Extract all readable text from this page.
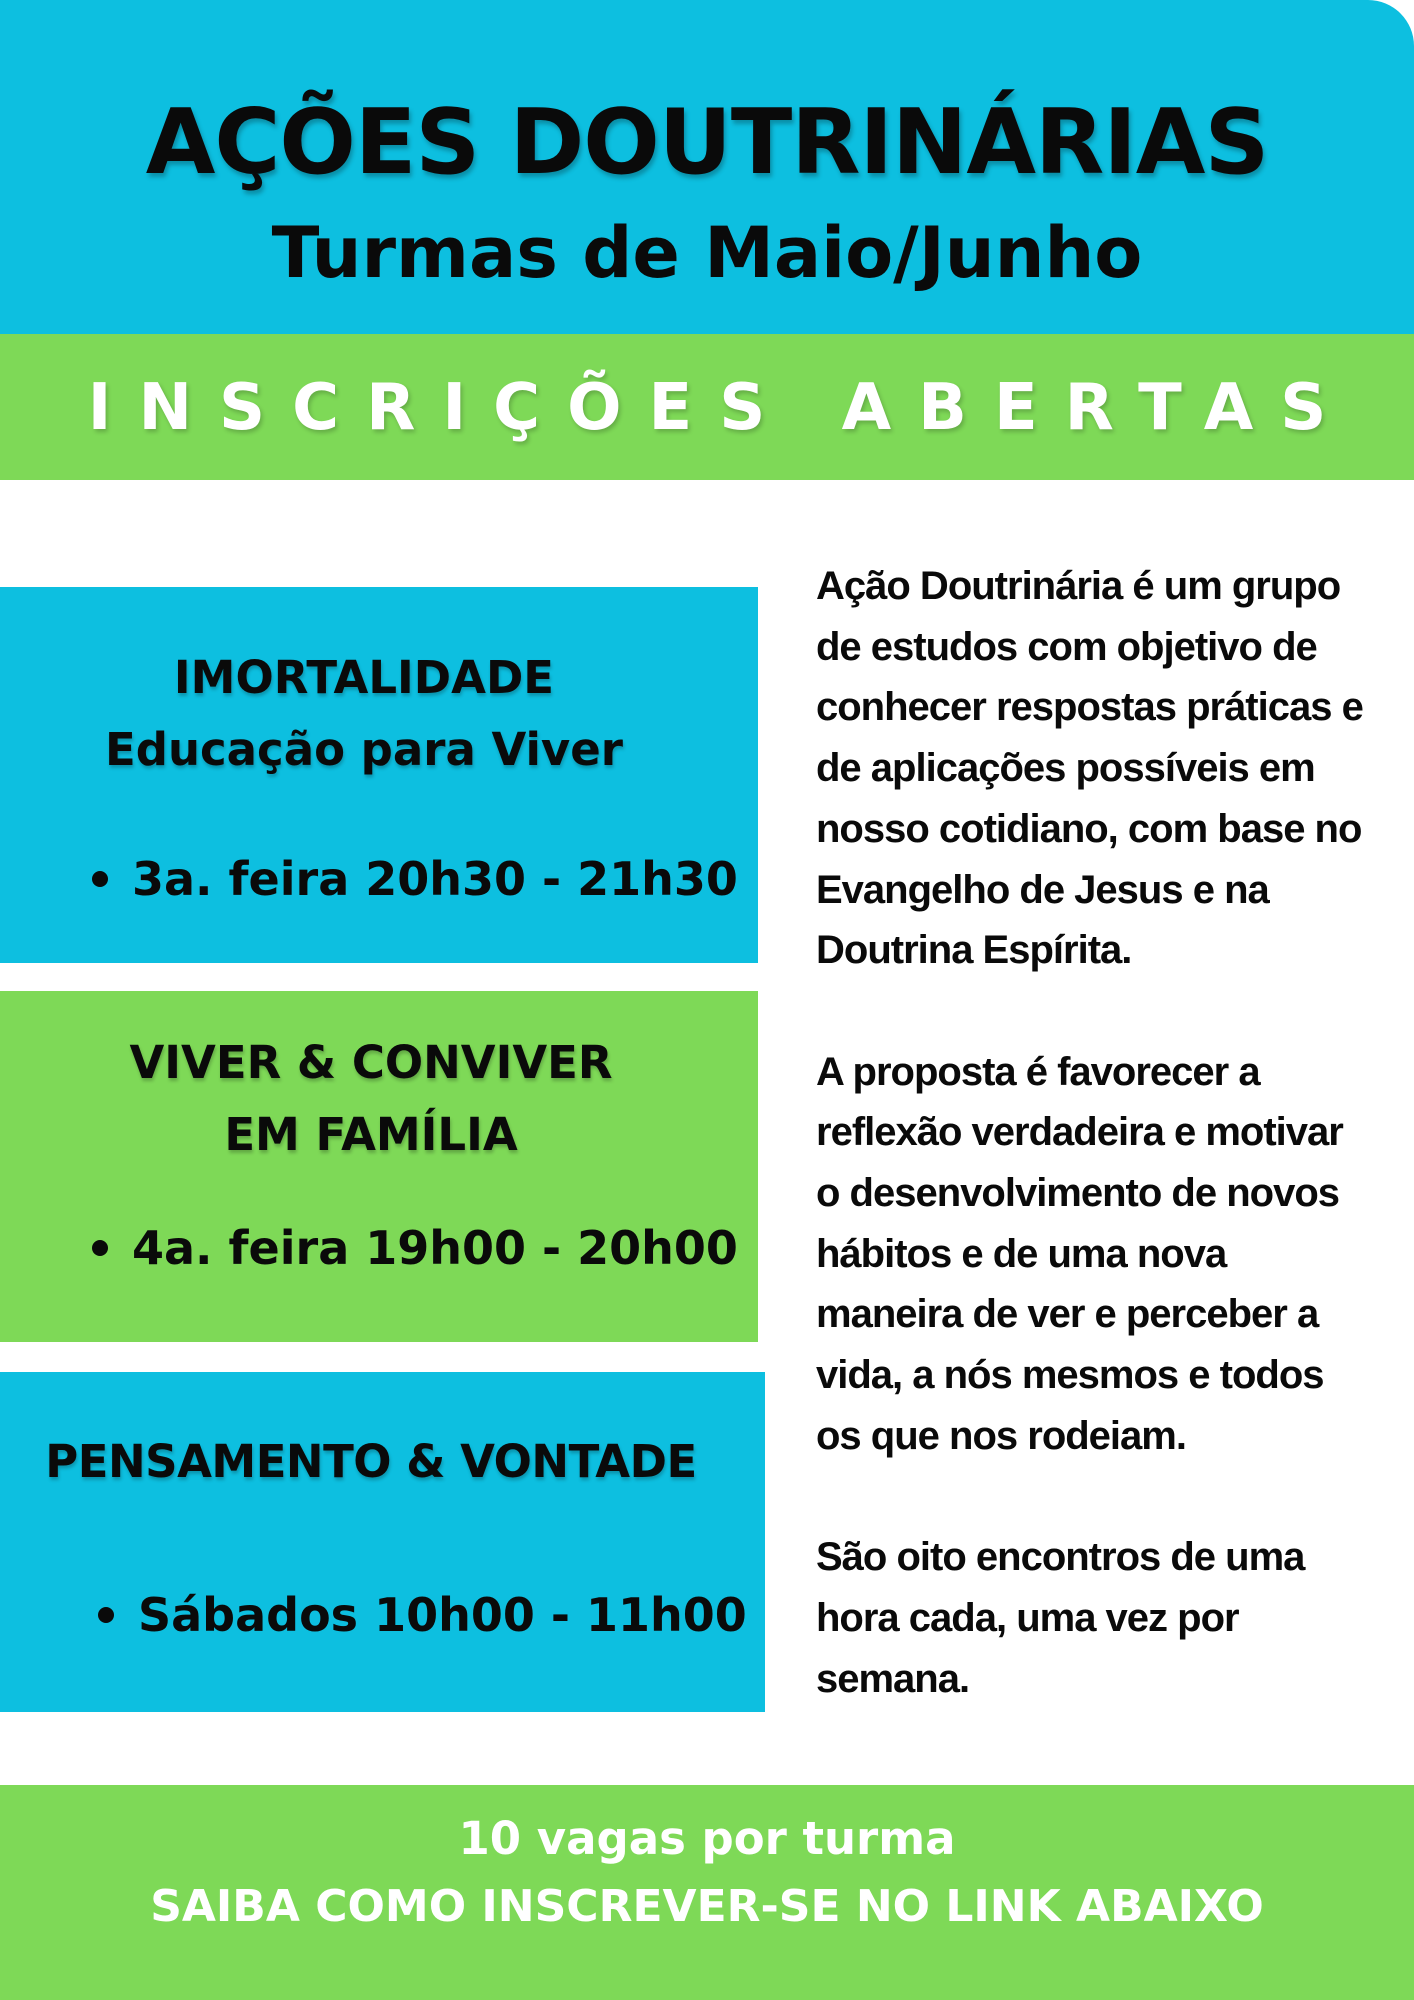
AÇÕES DOUTRINÁRIAS
Turmas de Maio/Junho
INSCRIÇÕES ABERTAS
IMORTALIDADE
Educação para Viver
3a. feira 20h30 - 21h30
VIVER & CONVIVER
EM FAMÍLIA
4a. feira 19h00 - 20h00
PENSAMENTO & VONTADE
Sábados 10h00 - 11h00

Ação Doutrinária é um grupo de estudos com objetivo de conhecer respostas práticas e de aplicações possíveis em nosso cotidiano, com base no Evangelho de Jesus e na Doutrina Espírita.

A proposta é favorecer a reflexão verdadeira e motivar o desenvolvimento de novos hábitos e de uma nova maneira de ver e perceber a vida, a nós mesmos e todos os que nos rodeiam.

São oito encontros de uma hora cada, uma vez por semana.

10 vagas por turma
SAIBA COMO INSCREVER-SE NO LINK ABAIXO
